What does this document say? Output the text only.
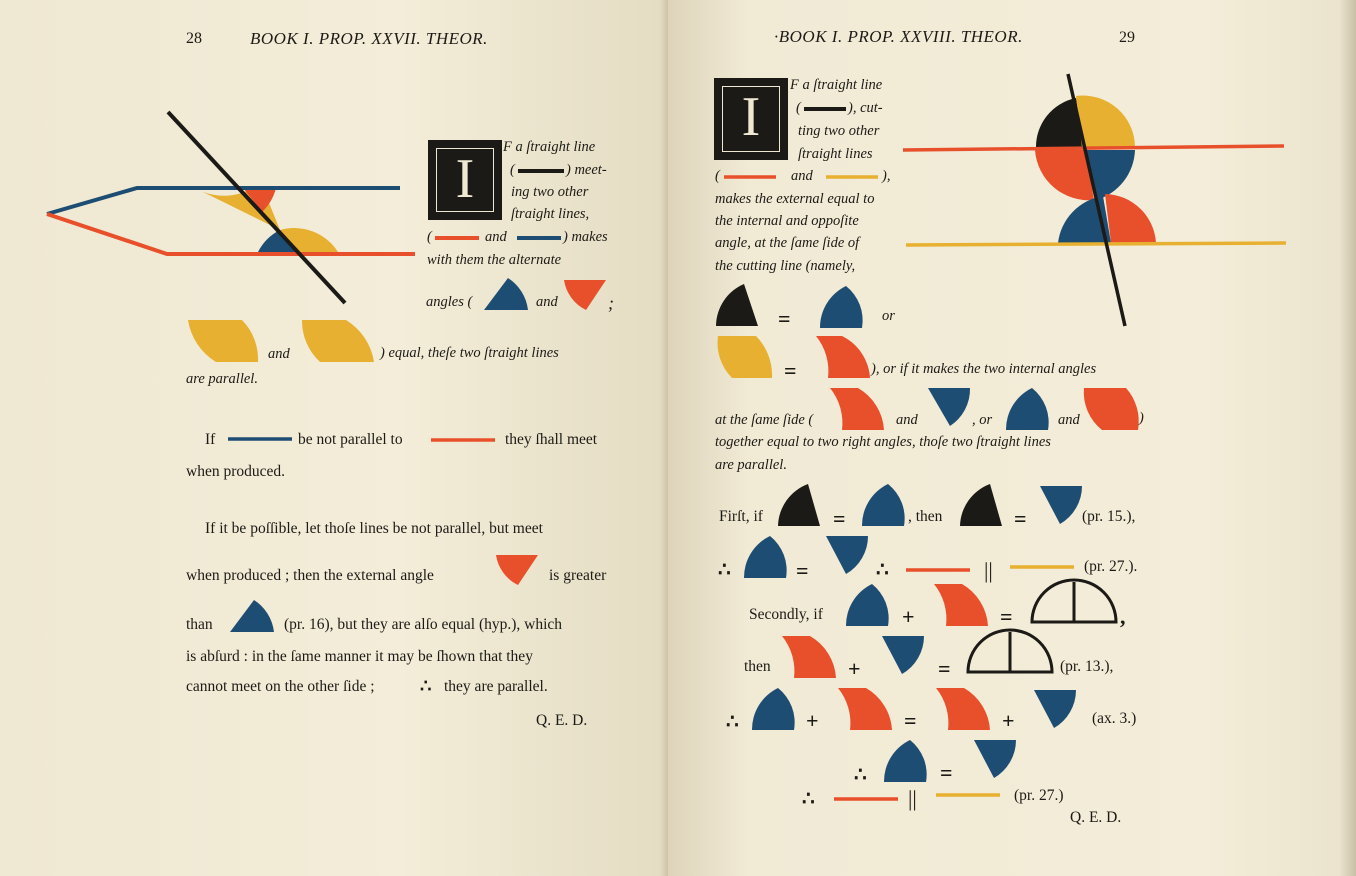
28	BOOK I. PROP. XXVII. THEOR.
I
F a ſtraight line
(	) meet-
ing two other
ſtraight lines,
(	and	) makes
with them the alternate
angles (	and	;
and	) equal, theſe two ſtraight lines
are parallel.
If	be not parallel to	they ſhall meet
when produced.
If it be poſſible, let thoſe lines be not parallel, but meet
when produced ; then the external angle	is greater
than	(pr. 16), but they are alſo equal (hyp.), which
is abſurd : in the ſame manner it may be ſhown that they
cannot meet on the other ſide ;	∴ they are parallel.
Q. E. D.
·BOOK I. PROP. XXVIII. THEOR.	29
I
F a ſtraight line
(	), cut-
ting two other
ſtraight lines
(	and	),
makes the external equal to
the internal and oppoſite
angle, at the ſame ſide of
the cutting line (namely,
=	or
=	), or if it makes the two internal angles
at the ſame ſide (	and	, or	and	)
together equal to two right angles, thoſe two ſtraight lines
are parallel.
Firſt, if	=	, then	=	(pr. 15.),
∴	=	∴	||	(pr. 27.).
Secondly, if	+	=	,
then	+	=	(pr. 13.),
∴	+	=	+	(ax. 3.)
∴	=
∴	||	(pr. 27.)
Q. E. D.
